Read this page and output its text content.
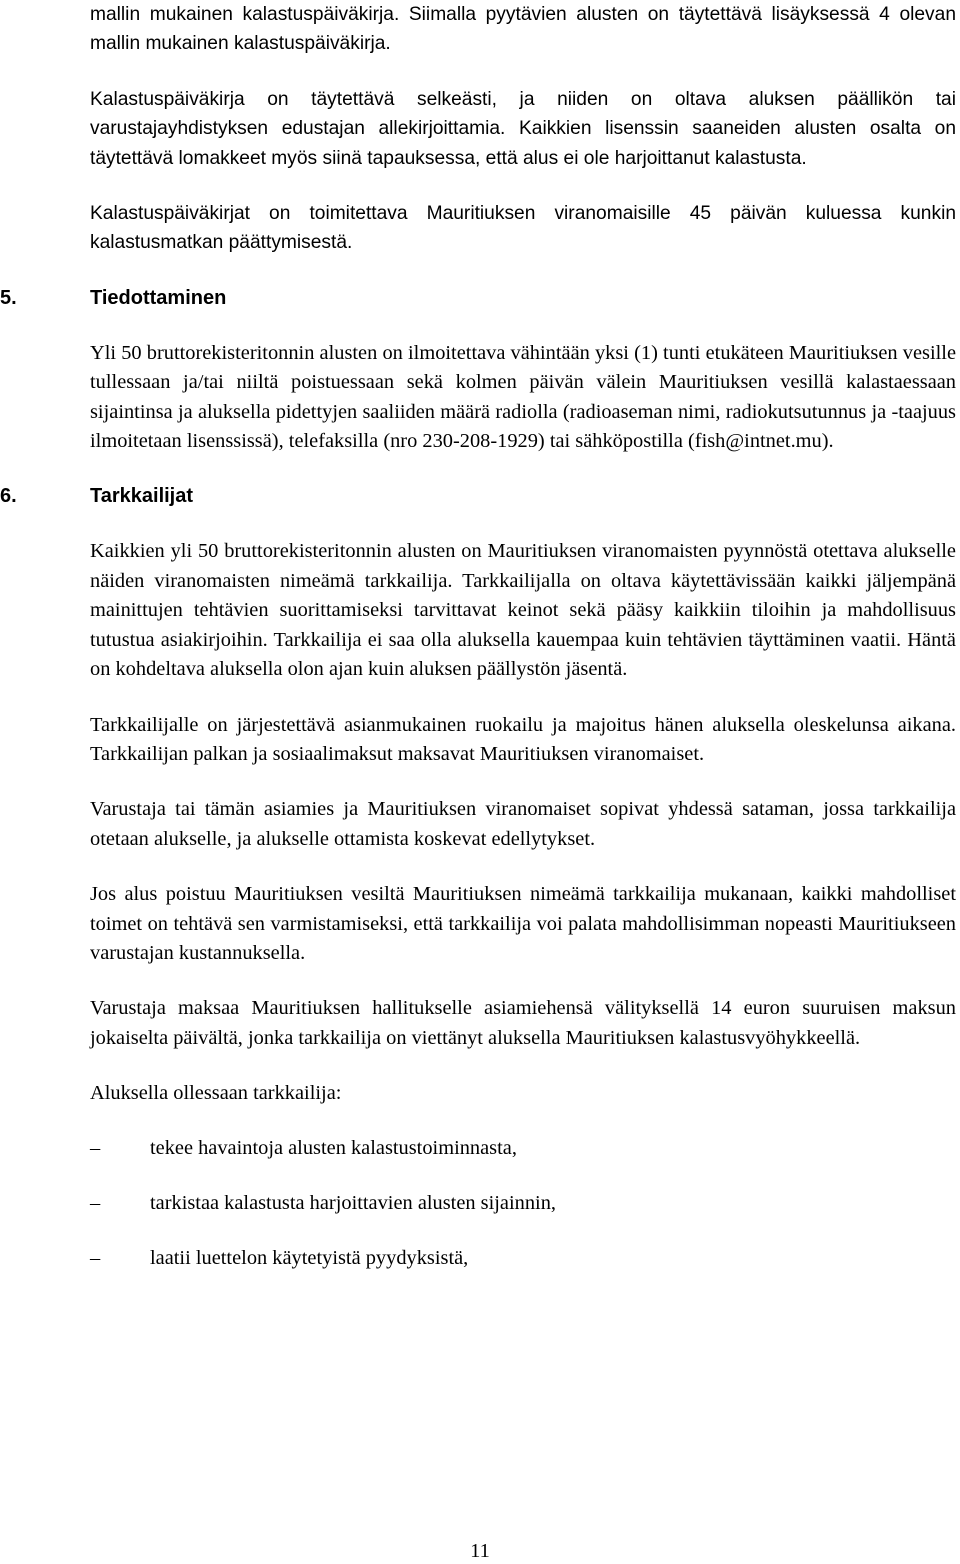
mallin mukainen kalastuspäiväkirja. Siimalla pyytävien alusten on täytettävä lisäyksessä 4 olevan mallin mukainen kalastuspäiväkirja.

Kalastuspäiväkirja on täytettävä selkeästi, ja niiden on oltava aluksen päällikön tai varustajayhdistyksen edustajan allekirjoittamia. Kaikkien lisenssin saaneiden alusten osalta on täytettävä lomakkeet myös siinä tapauksessa, että alus ei ole harjoittanut kalastusta.

Kalastuspäiväkirjat on toimitettava Mauritiuksen viranomaisille 45 päivän kuluessa kunkin kalastusmatkan päättymisestä.

5.	Tiedottaminen

Yli 50 bruttorekisteritonnin alusten on ilmoitettava vähintään yksi (1) tunti etukäteen Mauritiuksen vesille tullessaan ja/tai niiltä poistuessaan sekä kolmen päivän välein Mauritiuksen vesillä kalastaessaan sijaintinsa ja aluksella pidettyjen saaliiden määrä radiolla (radioaseman nimi, radiokutsutunnus ja -taajuus ilmoitetaan lisenssissä), telefaksilla (nro 230-208-1929) tai sähköpostilla (fish@intnet.mu).

6.	Tarkkailijat

Kaikkien yli 50 bruttorekisteritonnin alusten on Mauritiuksen viranomaisten pyynnöstä otettava alukselle näiden viranomaisten nimeämä tarkkailija. Tarkkailijalla on oltava käytettävissään kaikki jäljempänä mainittujen tehtävien suorittamiseksi tarvittavat keinot sekä pääsy kaikkiin tiloihin ja mahdollisuus tutustua asiakirjoihin. Tarkkailija ei saa olla aluksella kauempaa kuin tehtävien täyttäminen vaatii. Häntä on kohdeltava aluksella olon ajan kuin aluksen päällystön jäsentä.

Tarkkailijalle on järjestettävä asianmukainen ruokailu ja majoitus hänen aluksella oleskelunsa aikana. Tarkkailijan palkan ja sosiaalimaksut maksavat Mauritiuksen viranomaiset.

Varustaja tai tämän asiamies ja Mauritiuksen viranomaiset sopivat yhdessä sataman, jossa tarkkailija otetaan alukselle, ja alukselle ottamista koskevat edellytykset.

Jos alus poistuu Mauritiuksen vesiltä Mauritiuksen nimeämä tarkkailija mukanaan, kaikki mahdolliset toimet on tehtävä sen varmistamiseksi, että tarkkailija voi palata mahdollisimman nopeasti Mauritiukseen varustajan kustannuksella.

Varustaja maksaa Mauritiuksen hallitukselle asiamiehensä välityksellä 14 euron suuruisen maksun jokaiselta päivältä, jonka tarkkailija on viettänyt aluksella Mauritiuksen kalastusvyöhykkeellä.

Aluksella ollessaan tarkkailija:

– tekee havaintoja alusten kalastustoiminnasta,
– tarkistaa kalastusta harjoittavien alusten sijainnin,
– laatii luettelon käytetyistä pyydyksistä,
11
